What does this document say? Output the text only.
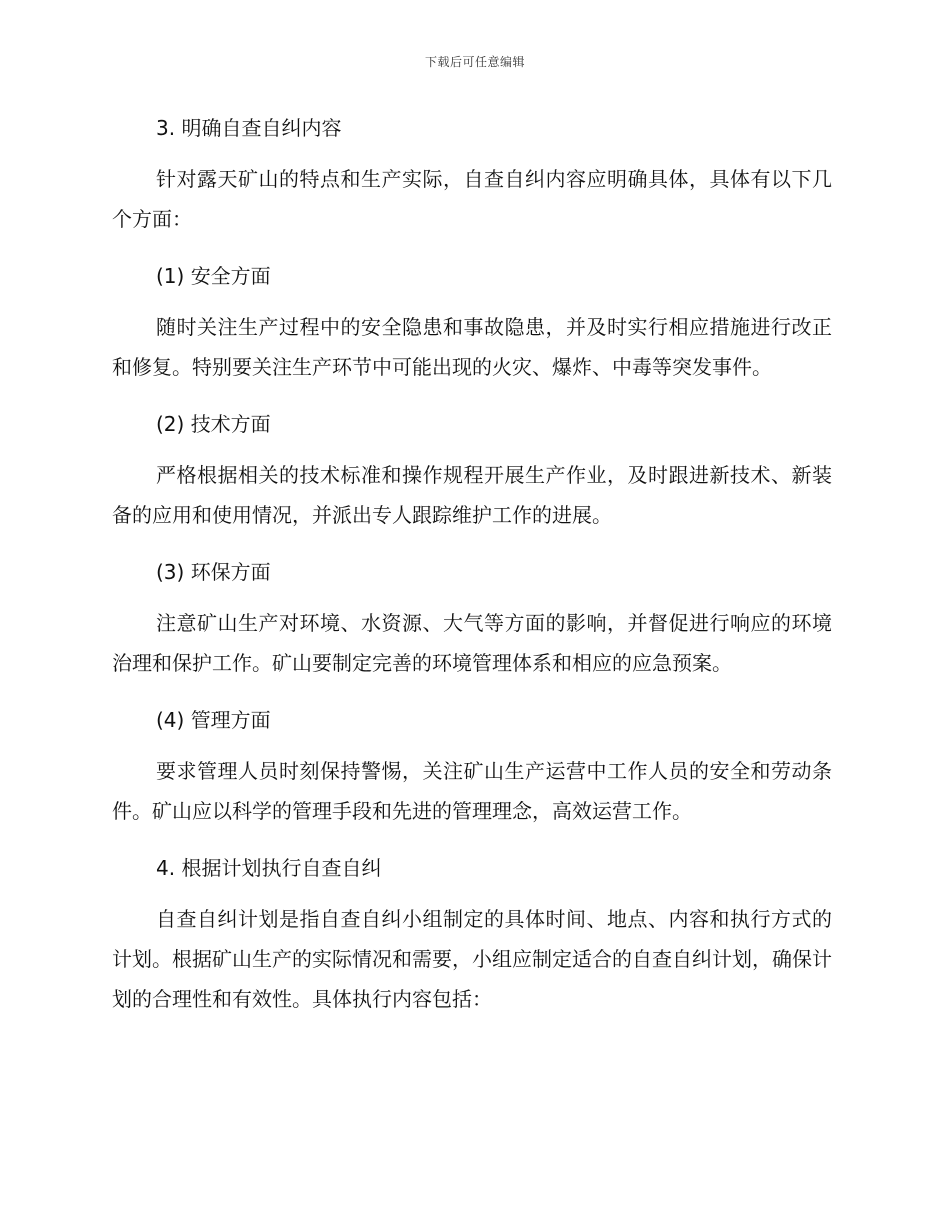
下载后可任意编辑
3. 明确自查自纠内容

针对露天矿山的特点和生产实际，自查自纠内容应明确具体，具体有以下几个方面：

(1) 安全方面

随时关注生产过程中的安全隐患和事故隐患，并及时实行相应措施进行改正和修复。特别要关注生产环节中可能出现的火灾、爆炸、中毒等突发事件。

(2) 技术方面

严格根据相关的技术标准和操作规程开展生产作业，及时跟进新技术、新装备的应用和使用情况，并派出专人跟踪维护工作的进展。

(3) 环保方面

注意矿山生产对环境、水资源、大气等方面的影响，并督促进行响应的环境治理和保护工作。矿山要制定完善的环境管理体系和相应的应急预案。

(4) 管理方面

要求管理人员时刻保持警惕，关注矿山生产运营中工作人员的安全和劳动条件。矿山应以科学的管理手段和先进的管理理念，高效运营工作。

4. 根据计划执行自查自纠

自查自纠计划是指自查自纠小组制定的具体时间、地点、内容和执行方式的计划。根据矿山生产的实际情况和需要，小组应制定适合的自查自纠计划，确保计划的合理性和有效性。具体执行内容包括：
